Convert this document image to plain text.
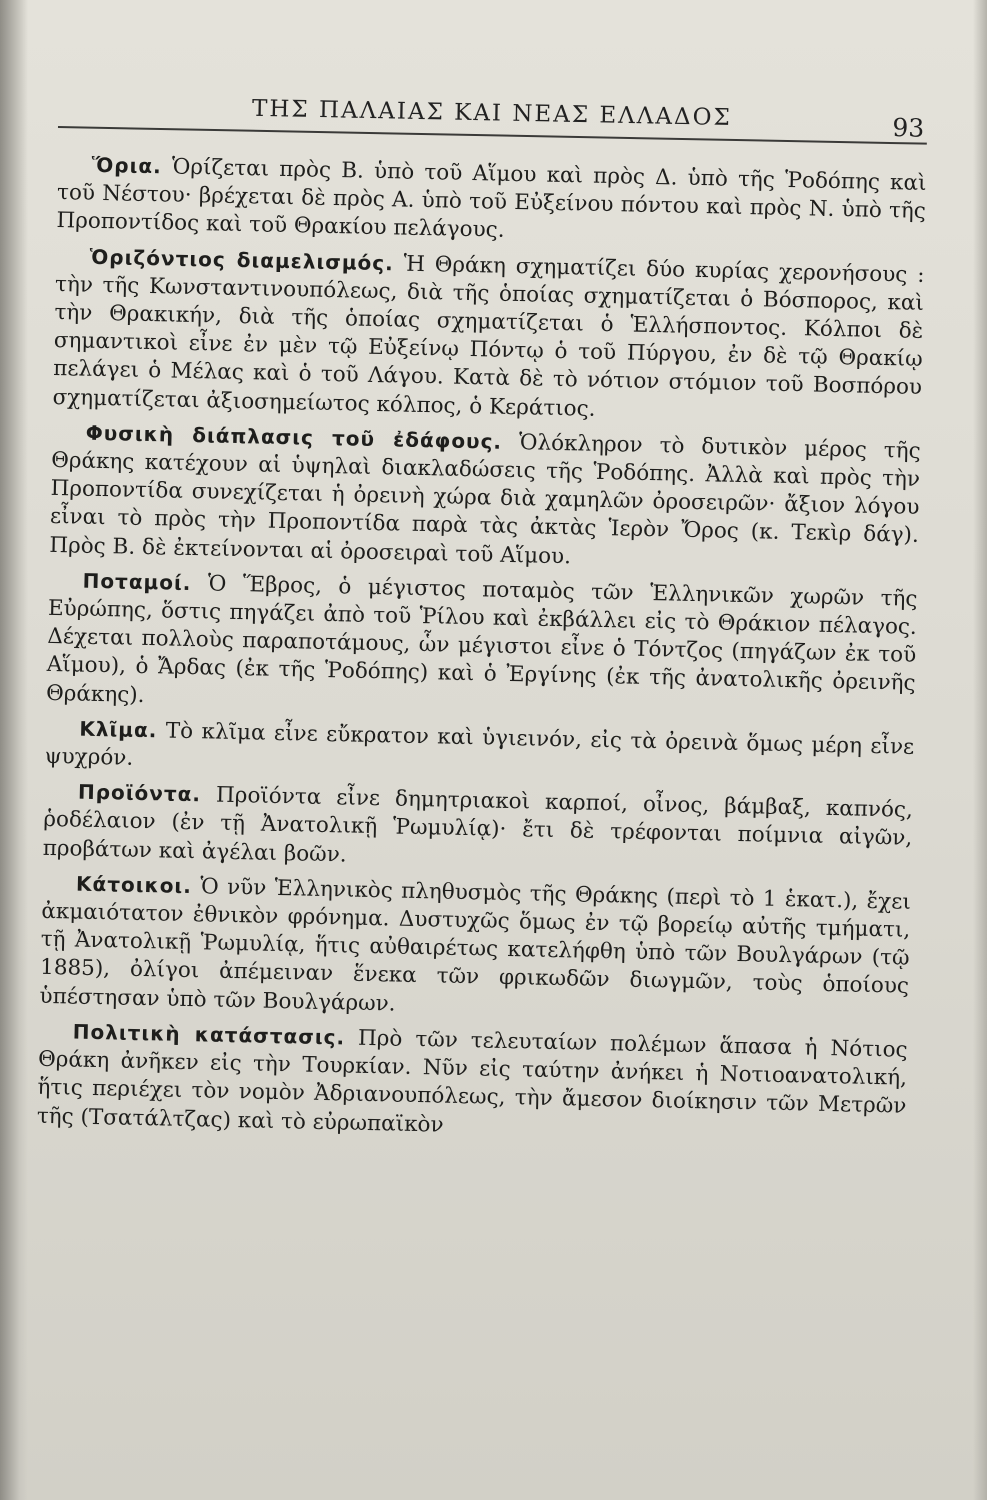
ΤΗΣ ΠΑΛΑΙΑΣ ΚΑΙ ΝΕΑΣ ΕΛΛΑΔΟΣ	93

Ὅρια. Ὁρίζεται πρὸς Β. ὑπὸ τοῦ Αἵμου καὶ πρὸς Δ. ὑπὸ τῆς Ῥοδόπης καὶ τοῦ Νέστου· βρέχεται δὲ πρὸς Α. ὑπὸ τοῦ Εὐξείνου πόντου καὶ πρὸς Ν. ὑπὸ τῆς Προποντίδος καὶ τοῦ Θρακίου πελάγους.

Ὁριζόντιος διαμελισμός. Ἡ Θράκη σχηματίζει δύο κυρίας χερονήσους : τὴν τῆς Κωνσταντινουπόλεως, διὰ τῆς ὁποίας σχηματίζεται ὁ Βόσπορος, καὶ τὴν Θρακικήν, διὰ τῆς ὁποίας σχηματίζεται ὁ Ἑλλήσποντος. Κόλποι δὲ σημαντικοὶ εἶνε ἐν μὲν τῷ Εὐξείνῳ Πόντῳ ὁ τοῦ Πύργου, ἐν δὲ τῷ Θρακίῳ πελάγει ὁ Μέλας καὶ ὁ τοῦ Λάγου. Κατὰ δὲ τὸ νότιον στόμιον τοῦ Βοσπόρου σχηματίζεται ἀξιοσημείωτος κόλπος, ὁ Κεράτιος.

Φυσικὴ διάπλασις τοῦ ἐδάφους. Ὁλόκληρον τὸ δυτικὸν μέρος τῆς Θράκης κατέχουν αἱ ὑψηλαὶ διακλαδώσεις τῆς Ῥοδόπης. Ἀλλὰ καὶ πρὸς τὴν Προποντίδα συνεχίζεται ἡ ὀρεινὴ χώρα διὰ χαμηλῶν ὀροσειρῶν· ἄξιον λόγου εἶναι τὸ πρὸς τὴν Προποντίδα παρὰ τὰς ἀκτὰς Ἱερὸν Ὄρος (κ. Τεκὶρ δάγ). Πρὸς Β. δὲ ἐκτείνονται αἱ ὀροσειραὶ τοῦ Αἵμου.

Ποταμοί. Ὁ Ἕβρος, ὁ μέγιστος ποταμὸς τῶν Ἑλληνικῶν χωρῶν τῆς Εὐρώπης, ὅστις πηγάζει ἀπὸ τοῦ Ῥίλου καὶ ἐκβάλλει εἰς τὸ Θράκιον πέλαγος. Δέχεται πολλοὺς παραποτάμους, ὧν μέγιστοι εἶνε ὁ Τόντζος (πηγάζων ἐκ τοῦ Αἵμου), ὁ Ἄρδας (ἐκ τῆς Ῥοδόπης) καὶ ὁ Ἐργίνης (ἐκ τῆς ἀνατολικῆς ὀρεινῆς Θράκης).

Κλῖμα. Τὸ κλῖμα εἶνε εὔκρατον καὶ ὑγιεινόν, εἰς τὰ ὀρεινὰ ὅμως μέρη εἶνε ψυχρόν.

Προϊόντα. Προϊόντα εἶνε δημητριακοὶ καρποί, οἶνος, βάμβαξ, καπνός, ῥοδέλαιον (ἐν τῇ Ἀνατολικῇ Ῥωμυλίᾳ)· ἔτι δὲ τρέφονται ποίμνια αἰγῶν, προβάτων καὶ ἀγέλαι βοῶν.

Κάτοικοι. Ὁ νῦν Ἑλληνικὸς πληθυσμὸς τῆς Θράκης (περὶ τὸ 1 ἑκατ.), ἔχει ἀκμαιότατον ἐθνικὸν φρόνημα. Δυστυχῶς ὅμως ἐν τῷ βορείῳ αὐτῆς τμήματι, τῇ Ἀνατολικῇ Ῥωμυλίᾳ, ἥτις αὐθαιρέτως κατελήφθη ὑπὸ τῶν Βουλγάρων (τῷ 1885), ὀλίγοι ἀπέμειναν ἕνεκα τῶν φρικωδῶν διωγμῶν, τοὺς ὁποίους ὑπέστησαν ὑπὸ τῶν Βουλγάρων.

Πολιτικὴ κατάστασις. Πρὸ τῶν τελευταίων πολέμων ἅπασα ἡ Νότιος Θράκη ἀνῆκεν εἰς τὴν Τουρκίαν. Νῦν εἰς ταύτην ἀνήκει ἡ Νοτιοανατολική, ἥτις περιέχει τὸν νομὸν Ἀδριανουπόλεως, τὴν ἄμεσον διοίκησιν τῶν Μετρῶν τῆς (Τσατάλτζας) καὶ τὸ εὐρωπαϊκὸν
